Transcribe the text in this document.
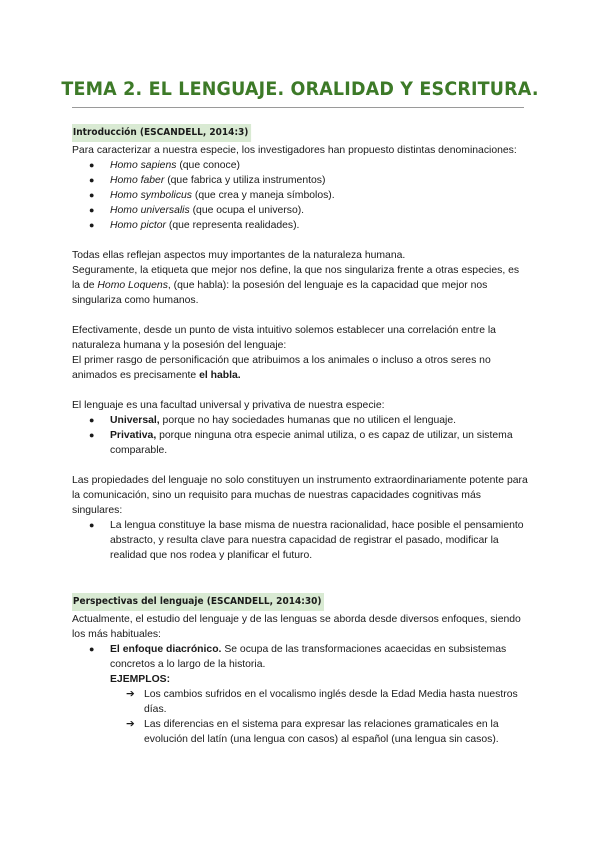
TEMA 2. EL LENGUAJE. ORALIDAD Y ESCRITURA.
Introducción (ESCANDELL, 2014:3)

Para caracterizar a nuestra especie, los investigadores han propuesto distintas denominaciones:

● Homo sapiens (que conoce)
● Homo faber (que fabrica y utiliza instrumentos)
● Homo symbolicus (que crea y maneja símbolos).
● Homo universalis (que ocupa el universo).
● Homo pictor (que representa realidades).

Todas ellas reflejan aspectos muy importantes de la naturaleza humana.

Seguramente, la etiqueta que mejor nos define, la que nos singulariza frente a otras especies, es la de Homo Loquens, (que habla): la posesión del lenguaje es la capacidad que mejor nos singulariza como humanos.

Efectivamente, desde un punto de vista intuitivo solemos establecer una correlación entre la naturaleza humana y la posesión del lenguaje:

El primer rasgo de personificación que atribuimos a los animales o incluso a otros seres no animados es precisamente el habla.

El lenguaje es una facultad universal y privativa de nuestra especie:

● Universal, porque no hay sociedades humanas que no utilicen el lenguaje.
● Privativa, porque ninguna otra especie animal utiliza, o es capaz de utilizar, un sistema comparable.

Las propiedades del lenguaje no solo constituyen un instrumento extraordinariamente potente para la comunicación, sino un requisito para muchas de nuestras capacidades cognitivas más singulares:

● La lengua constituye la base misma de nuestra racionalidad, hace posible el pensamiento abstracto, y resulta clave para nuestra capacidad de registrar el pasado, modificar la realidad que nos rodea y planificar el futuro.
Perspectivas del lenguaje (ESCANDELL, 2014:30)

Actualmente, el estudio del lenguaje y de las lenguas se aborda desde diversos enfoques, siendo los más habituales:

● El enfoque diacrónico. Se ocupa de las transformaciones acaecidas en subsistemas concretos a lo largo de la historia.
EJEMPLOS:
➔ Los cambios sufridos en el vocalismo inglés desde la Edad Media hasta nuestros días.
➔ Las diferencias en el sistema para expresar las relaciones gramaticales en la evolución del latín (una lengua con casos) al español (una lengua sin casos).
